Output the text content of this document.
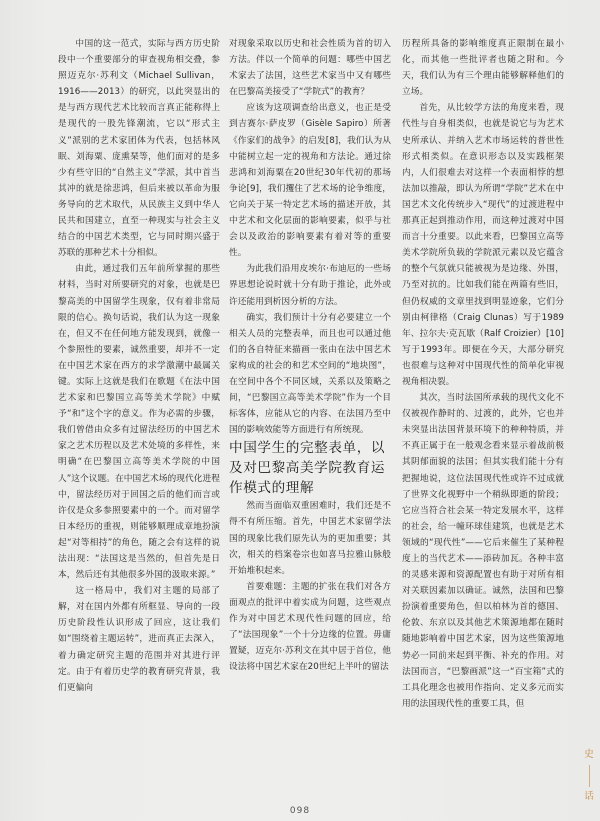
中国的这一范式，实际与西方历史阶段中一个重要部分的审查视角相交叠，参照迈克尔·苏利文（Michael Sullivan，1916——2013）的研究，以此突显出的是与西方现代艺术比较而言真正能称得上是现代的一股先锋潮流，它以“形式主义”派别的艺术家团体为代表，包括林风眠、刘海粟、庞熏琹等，他们面对的是多少有些守旧的“自然主义”学派，其中首当其冲的就是徐悲鸿，但后来被以革命为服务导向的艺术取代，从民族主义到中华人民共和国建立，直至一种现实与社会主义结合的中国艺术类型，它与同时期兴盛于苏联的那种艺术十分相似。

由此，通过我们五年前所掌握的那些材料，当时对所要研究的对象，也就是巴黎高美的中国留学生现象，仅有着非常局限的信心。换句话说，我们认为这一现象在，但又不在任何地方能发现到，就像一个参照性的要素，诚然重要，却并不一定在中国艺术家在西方的求学激潮中最属关键。实际上这就是我们在歌题《在法中国艺术家和巴黎国立高等美术学院》中赋予“和”这个字的意义。作为必需的步骤，我们曾借由众多有过留法经历的中国艺术家之艺术历程以及艺术处境的多样性，来明确“在巴黎国立高等美术学院的中国人”这个议题。在中国艺术场的现代化进程中，留法经历对于回国之后的他们而言或许仅是众多参照要素中的一个。而对留学日本经历的重视，则能够顺理成章地扮演起“对等相持”的角色，随之会有这样的说法出现：“法国这是当然的，但首先是日本，然后还有其他很多外国的汲取来源。”

这一格局中，我们对主题的局部了解，对在国内外都有所框显、导向的一段历史阶段性认识形成了回应，这让我们如“围绕着主题运转”，进而真正去深入，着力确定研究主题的范围并对其进行评定。由于有着历史学的教育研究背景，我们更偏向

对现象采取以历史和社会性质为首的切入方法。伴以一个简单的问题：哪些中国艺术家去了法国，这些艺术家当中又有哪些在巴黎高美接受了“学院式”的教育？

应该为这项调查给出意义，也正是受到吉赛尔·萨皮罗（Gisèle Sapiro）所著《作家们的战争》的启发[8]，我们认为从中能树立起一定的视角和方法论。通过徐悲鸿和刘海粟在20世纪30年代初的那场争论[9]，我们攫住了艺术场的论争维度，它向关于某一特定艺术场的描述开放，其中艺术和文化层面的影响要素，似乎与社会以及政治的影响要素有着对等的重要性。

为此我们沿用皮埃尔·布迪厄的一些场界思想论说时就十分有助于推论，此外或许还能用到析因分析的方法。

确实，我们预计十分有必要建立一个相关人员的完整表单，而且也可以通过他们的各自特征来描画一张由在法中国艺术家构成的社会的和艺术空间的“地块图”，在空间中各个不同区域，关系以及策略之间，“巴黎国立高等美术学院”作为一个目标客体，应能从它的内容、在法国乃至中国的影响效能等方面进行有所统现。

中国学生的完整表单，以及对巴黎高美学院教育运作模式的理解

然而当面临双重困难时，我们还是不得不有所压缩。首先，中国艺术家留学法国的现象比我们原先认为的更加重要；其次，相关的档案卷宗也如喜马拉雅山脉般开始堆积起来。

首要难题：主题的扩张在我们对各方面观点的批评中着实成为问题，这些观点作为对中国艺术现代性问题的回应，给了“法国现象”一个十分边缘的位置。毋庸置疑，迈克尔·苏利文在其中居于首位，他设法将中国艺术家在20世纪上半叶的留法

历程所具备的影响维度真正限制在最小化，而其他一些批评者也随之附和。今天，我们认为有三个理由能够解释他们的立场。

首先，从比较学方法的角度来看，现代性与自身相类似，也就是说它与为艺术史所承认、并纳入艺术市场运转的普世性形式相类似。在意识形态以及实践框架内，人们很难去对这样一个表面相悖的想法加以推敲，即认为所谓“学院”艺术在中国艺术文化传统步入“现代”的过渡进程中那真正起到推动作用，而这种过渡对中国而言十分重要。以此来看，巴黎国立高等美术学院所负载的学院派元素以及它蕴含的整个气氛就只能被视为是边缘、外围，乃至对抗的。比如我们能在两篇有些旧，但仍权威的文章里找到明显迹象，它们分别由柯律格（Craig Clunas）写于1989年、拉尔夫·克瓦歇（Ralf Croizier）[10]写于1993年。即便在今天，大部分研究也很难与这种对中国现代性的简单化审视视角相决裂。

其次，当时法国所承载的现代文化不仅被视作静时的、过渡的，此外，它也并未突显出法国背景环境下的种种特质，并不真正属于在一般观念看来显示着战前极其阴郁面貌的法国；但其实我们能十分有把握地说，这位法国现代性或许不过成就了世界文化视野中一个稍纵即逝的阶段；它应当符合社会某一特定发展水平，这样的社会，给一幢环球佳建筑，也就是艺术领域的“现代性”——它后来催生了某种程度上的当代艺术——添砖加瓦。各种丰富的灵感来源和资源配置也有助于对所有相对关联因素加以确证。诚然，法国和巴黎扮演着重要角色，但以柏林为首的德国、伦敦、东京以及其他艺术策源地都在随时随地影响着中国艺术家，因为这些策源地势必一同前来起到平衡、补充的作用。对法国而言，“巴黎画派”这一“百宝箱”式的工具化理念也被用作指向、定义多元而实用的法国现代性的重要工具，但

史
话
098
